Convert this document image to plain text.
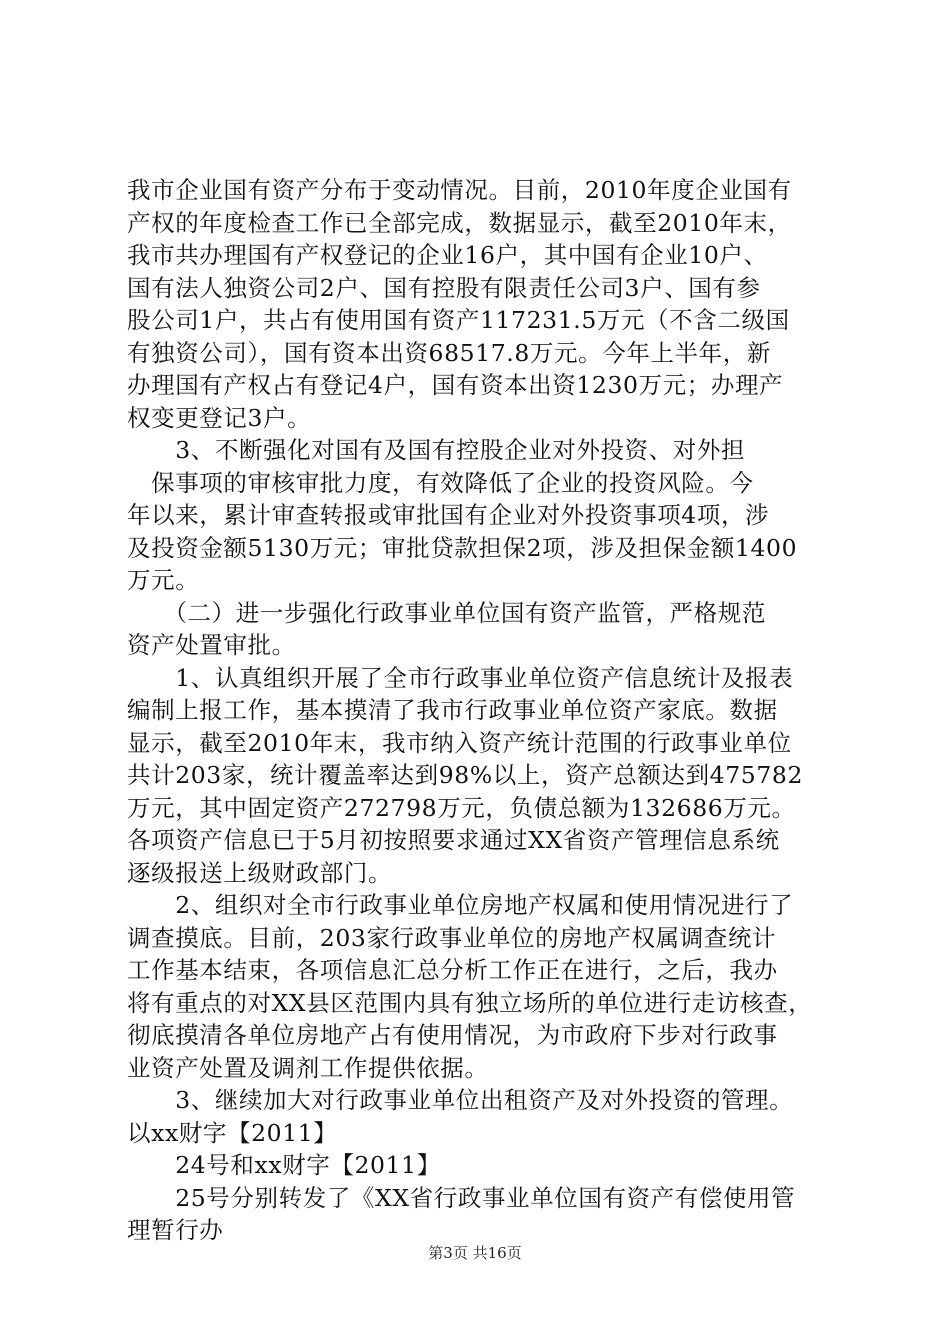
我市企业国有资产分布于变动情况。目前，2010年度企业国有
产权的年度检查工作已全部完成，数据显示，截至2010年末，
我市共办理国有产权登记的企业16户，其中国有企业10户、
国有法人独资公司2户、国有控股有限责任公司3户、国有参
股公司1户，共占有使用国有资产117231.5万元（不含二级国
有独资公司），国有资本出资68517.8万元。今年上半年，新
办理国有产权占有登记4户，国有资本出资1230万元；办理产
权变更登记3户。
　　3、不断强化对国有及国有控股企业对外投资、对外担
　保事项的审核审批力度，有效降低了企业的投资风险。今
年以来，累计审查转报或审批国有企业对外投资事项4项，涉
及投资金额5130万元；审批贷款担保2项，涉及担保金额1400
万元。
　　（二）进一步强化行政事业单位国有资产监管，严格规范
资产处置审批。
　　1、认真组织开展了全市行政事业单位资产信息统计及报表
编制上报工作，基本摸清了我市行政事业单位资产家底。数据
显示，截至2010年末，我市纳入资产统计范围的行政事业单位
共计203家，统计覆盖率达到98%以上，资产总额达到475782
万元，其中固定资产272798万元，负债总额为132686万元。
各项资产信息已于5月初按照要求通过XX省资产管理信息系统
逐级报送上级财政部门。
　　2、组织对全市行政事业单位房地产权属和使用情况进行了
调查摸底。目前，203家行政事业单位的房地产权属调查统计
工作基本结束，各项信息汇总分析工作正在进行，之后，我办
将有重点的对XX县区范围内具有独立场所的单位进行走访核查，
彻底摸清各单位房地产占有使用情况，为市政府下步对行政事
业资产处置及调剂工作提供依据。
　　3、继续加大对行政事业单位出租资产及对外投资的管理。
以xx财字【2011】
　　24号和xx财字【2011】
　　25号分别转发了《XX省行政事业单位国有资产有偿使用管
理暂行办
第3页 共16页
